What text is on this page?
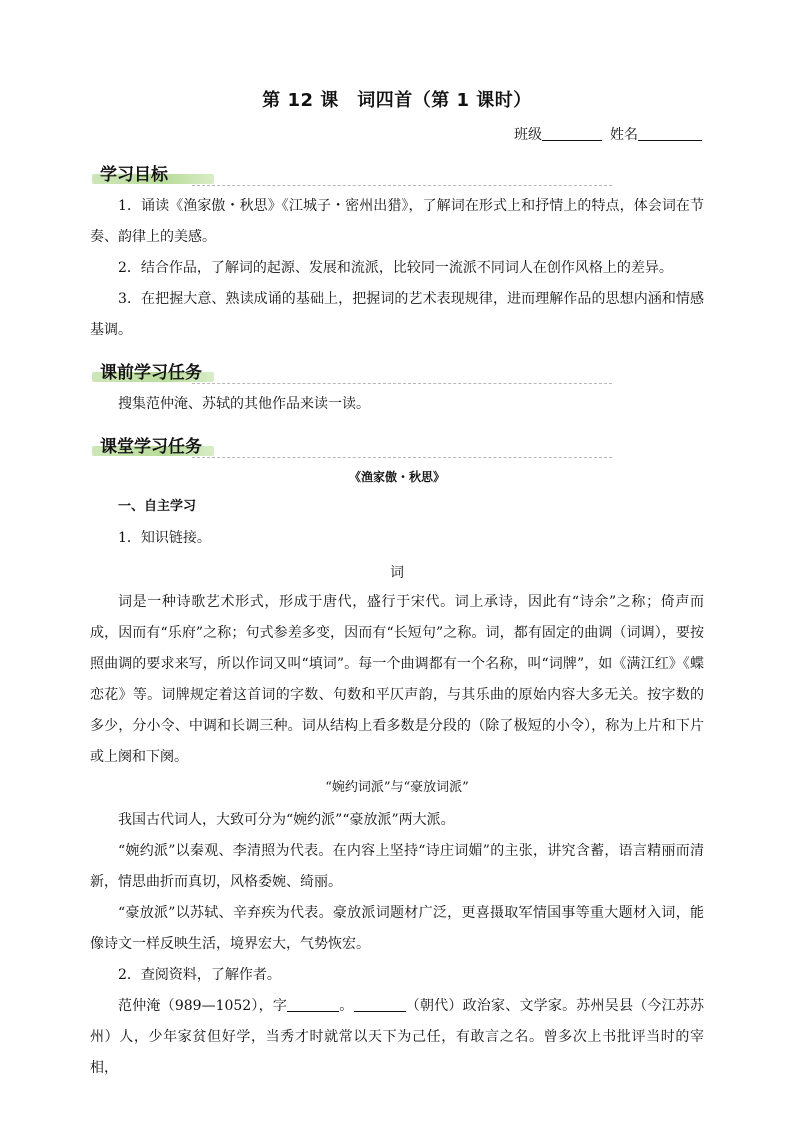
第 12 课　词四首（第 1 课时）
班级	姓名
学习目标
1．诵读《渔家傲・秋思》《江城子・密州出猎》，了解词在形式上和抒情上的特点，体会词在节奏、韵律上的美感。
2．结合作品，了解词的起源、发展和流派，比较同一流派不同词人在创作风格上的差异。
3．在把握大意、熟读成诵的基础上，把握词的艺术表现规律，进而理解作品的思想内涵和情感基调。
课前学习任务
搜集范仲淹、苏轼的其他作品来读一读。
课堂学习任务
《渔家傲・秋思》
一、自主学习
1．知识链接。
词
词是一种诗歌艺术形式，形成于唐代，盛行于宋代。词上承诗，因此有“诗余”之称；倚声而成，因而有“乐府”之称；句式参差多变，因而有“长短句”之称。词，都有固定的曲调（词调），要按照曲调的要求来写，所以作词又叫“填词”。每一个曲调都有一个名称，叫“词牌”，如《满江红》《蝶恋花》等。词牌规定着这首词的字数、句数和平仄声韵，与其乐曲的原始内容大多无关。按字数的多少，分小令、中调和长调三种。词从结构上看多数是分段的（除了极短的小令），称为上片和下片或上阕和下阕。
“婉约词派”与“豪放词派”
我国古代词人，大致可分为“婉约派”“豪放派”两大派。
“婉约派”以秦观、李清照为代表。在内容上坚持“诗庄词媚”的主张，讲究含蓄，语言精丽而清新，情思曲折而真切，风格委婉、绮丽。
“豪放派”以苏轼、辛弃疾为代表。豪放派词题材广泛，更喜摄取军情国事等重大题材入词，能像诗文一样反映生活，境界宏大，气势恢宏。
2．查阅资料，了解作者。
范仲淹（989—1052），字	。	（朝代）政治家、文学家。苏州吴县（今江苏苏州）人，少年家贫但好学，当秀才时就常以天下为己任，有敢言之名。曾多次上书批评当时的宰相，
